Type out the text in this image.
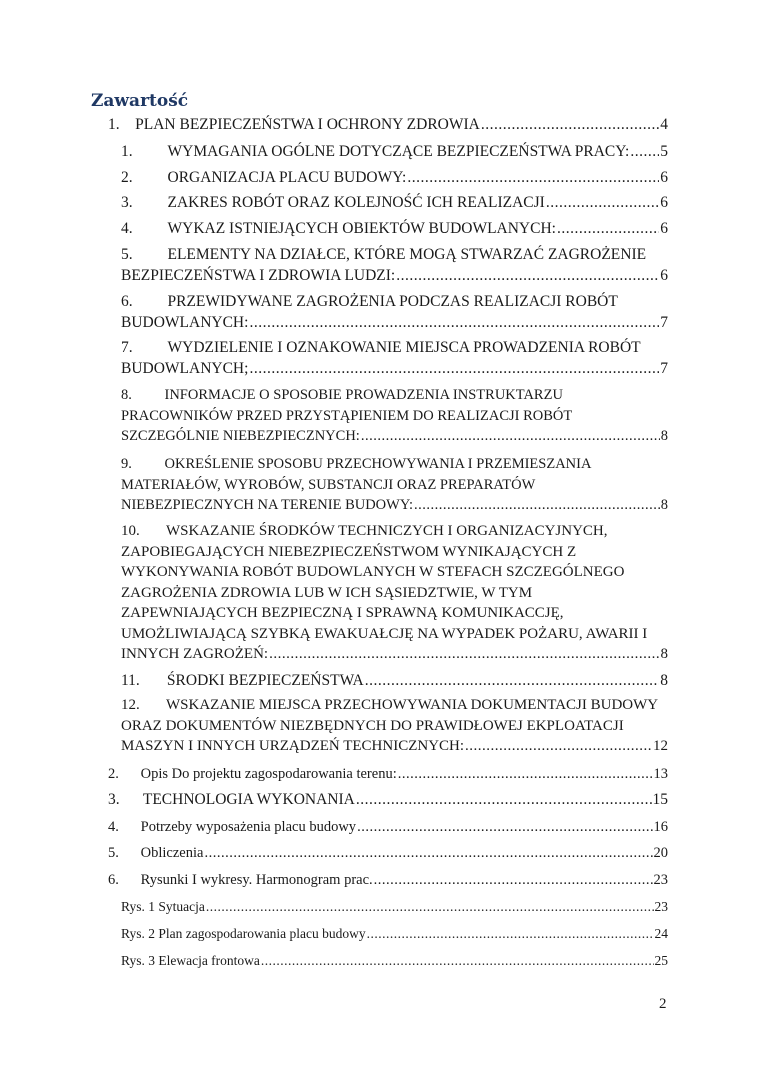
Zawartość
1.    PLAN BEZPIECZEŃSTWA I OCHRONY ZDROWIA .....	4
1.         WYMAGANIA OGÓLNE DOTYCZĄCE BEZPIECZEŃSTWA PRACY: ..... 5
2.         ORGANIZACJA PLACU BUDOWY: .....	6
3.         ZAKRES ROBÓT ORAZ KOLEJNOŚĆ ICH REALIZACJI .....	6
4.         WYKAZ ISTNIEJĄCYCH OBIEKTÓW BUDOWLANYCH: .....	6
5.         ELEMENTY NA DZIAŁCE, KTÓRE MOGĄ STWARZAĆ ZAGROŻENIE
BEZPIECZEŃSTWA I ZDROWIA LUDZI: .....	6
6.         PRZEWIDYWANE ZAGROŻENIA PODCZAS REALIZACJI ROBÓT
BUDOWLANYCH: .....	7
7.         WYDZIELENIE I OZNAKOWANIE MIEJSCA PROWADZENIA ROBÓT
BUDOWLANYCH; .....	7
8.         INFORMACJE O SPOSOBIE PROWADZENIA INSTRUKTARZU
PRACOWNIKÓW PRZED PRZYSTĄPIENIEM DO REALIZACJI ROBÓT
SZCZEGÓLNIE NIEBEZPIECZNYCH: .....	8
9.         OKREŚLENIE SPOSOBU PRZECHOWYWANIA I PRZEMIESZANIA
MATERIAŁÓW, WYROBÓW, SUBSTANCJI ORAZ PREPARATÓW
NIEBEZPIECZNYCH NA TERENIE BUDOWY: .....	8
10.       WSKAZANIE ŚRODKÓW TECHNICZYCH I ORGANIZACYJNYCH,
ZAPOBIEGAJĄCYCH NIEBEZPIECZEŃSTWOM WYNIKAJĄCYCH Z
WYKONYWANIA ROBÓT BUDOWLANYCH W STEFACH SZCZEGÓLNEGO
ZAGROŻENIA ZDROWIA LUB W ICH SĄSIEDZTWIE, W TYM
ZAPEWNIAJĄCYCH BEZPIECZNĄ I SPRAWNĄ KOMUNIKACCJĘ,
UMOŻLIWIAJĄCĄ SZYBKĄ EWAKUAŁCJĘ NA WYPADEK POŻARU, AWARII I
INNYCH ZAGROŻEŃ: .....	8
11.       ŚRODKI BEZPIECZEŃSTWA .....	8
12.       WSKAZANIE MIEJSCA PRZECHOWYWANIA DOKUMENTACJI BUDOWY
ORAZ DOKUMENTÓW NIEZBĘDNYCH DO PRAWIDŁOWEJ EKPLOATACJI
MASZYN I INNYCH URZĄDZEŃ TECHNICZNYCH: .....	12
2.      Opis Do projektu zagospodarowania terenu: .....	13
3.      TECHNOLOGIA WYKONANIA .....	15
4.      Potrzeby wyposażenia placu budowy .....	16
5.      Obliczenia .....	20
6.      Rysunki I wykresy. Harmonogram prac. .....	23
Rys. 1 Sytuacja .....	23
Rys. 2 Plan zagospodarowania placu budowy .....	24
Rys. 3 Elewacja frontowa .....	25
2
